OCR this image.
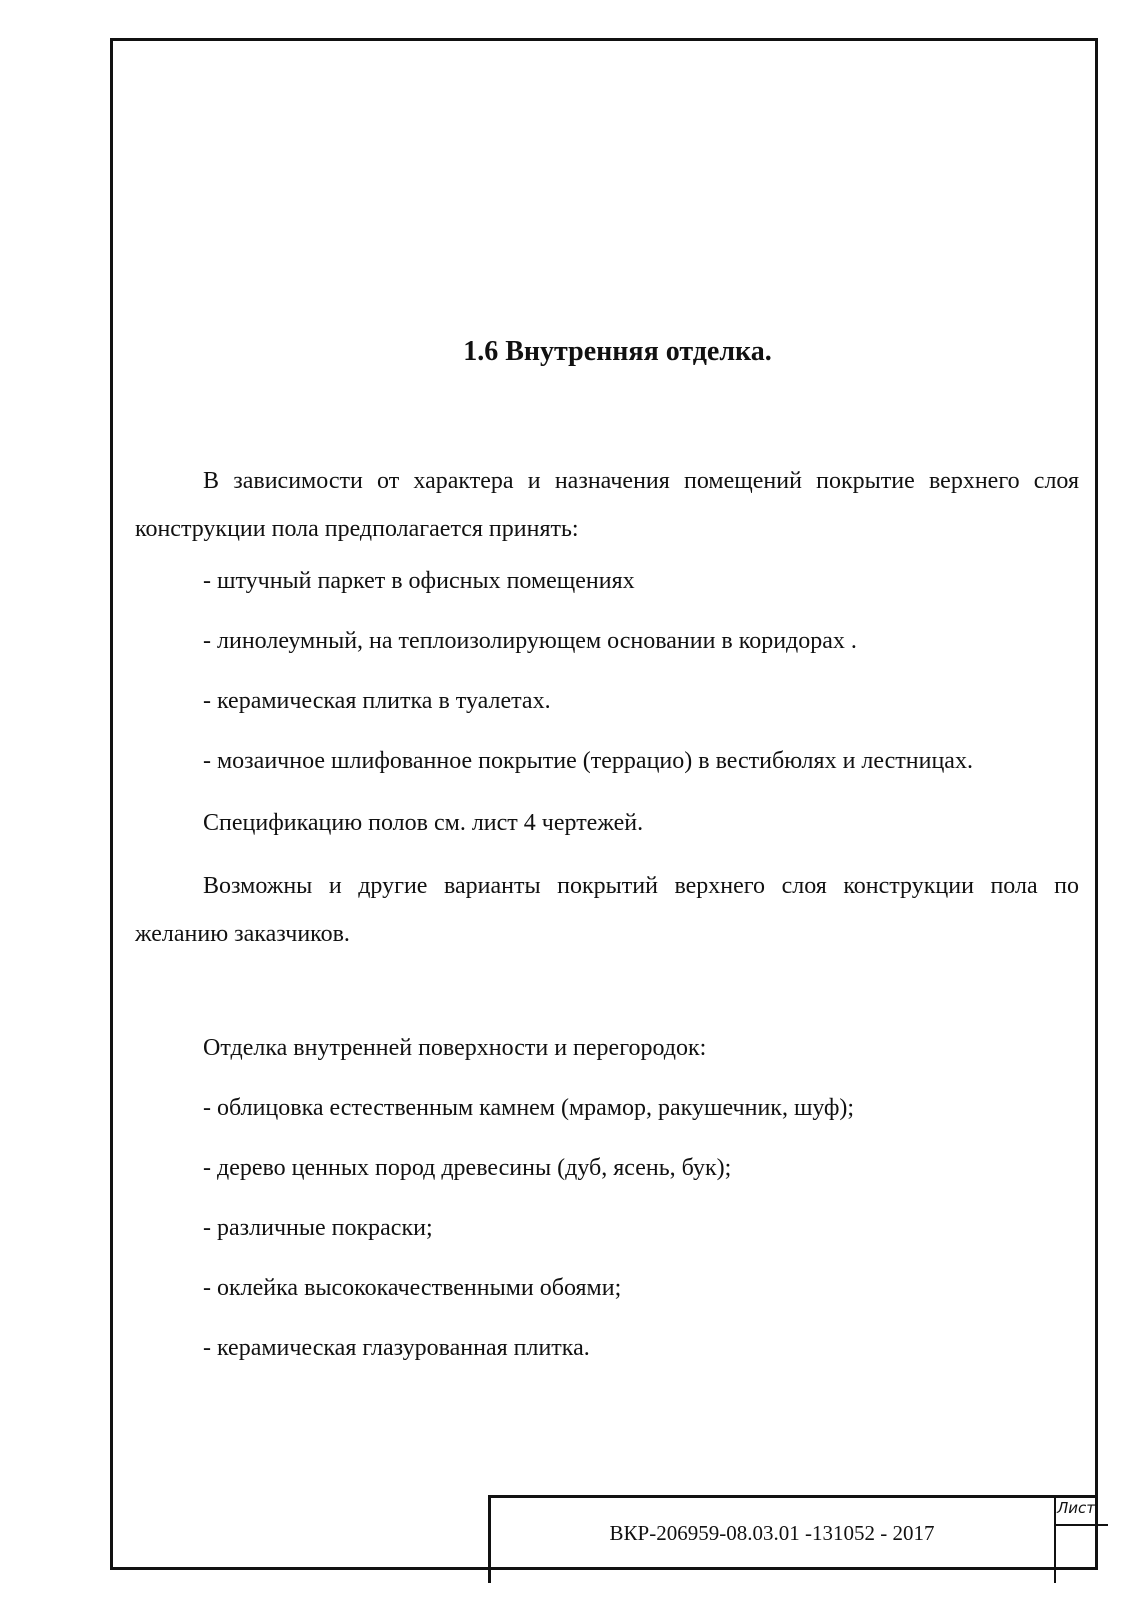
1.6 Внутренняя отделка.

В зависимости от характера и назначения помещений покрытие верхнего слоя конструкции пола предполагается принять:

- штучный паркет в офисных помещениях

- линолеумный, на теплоизолирующем основании в коридорах .

- керамическая плитка в туалетах.

- мозаичное шлифованное покрытие (террацио) в вестибюлях и лестницах.

Спецификацию полов см. лист 4 чертежей.

Возможны и другие варианты покрытий верхнего слоя конструкции пола по желанию заказчиков.

Отделка внутренней поверхности и перегородок:

- облицовка естественным камнем (мрамор, ракушечник, шуф);

- дерево ценных пород древесины (дуб, ясень, бук);

- различные покраски;

- оклейка высококачественными обоями;

- керамическая глазурованная плитка.

ВКР-206959-08.03.01 -131052 - 2017

Лист
